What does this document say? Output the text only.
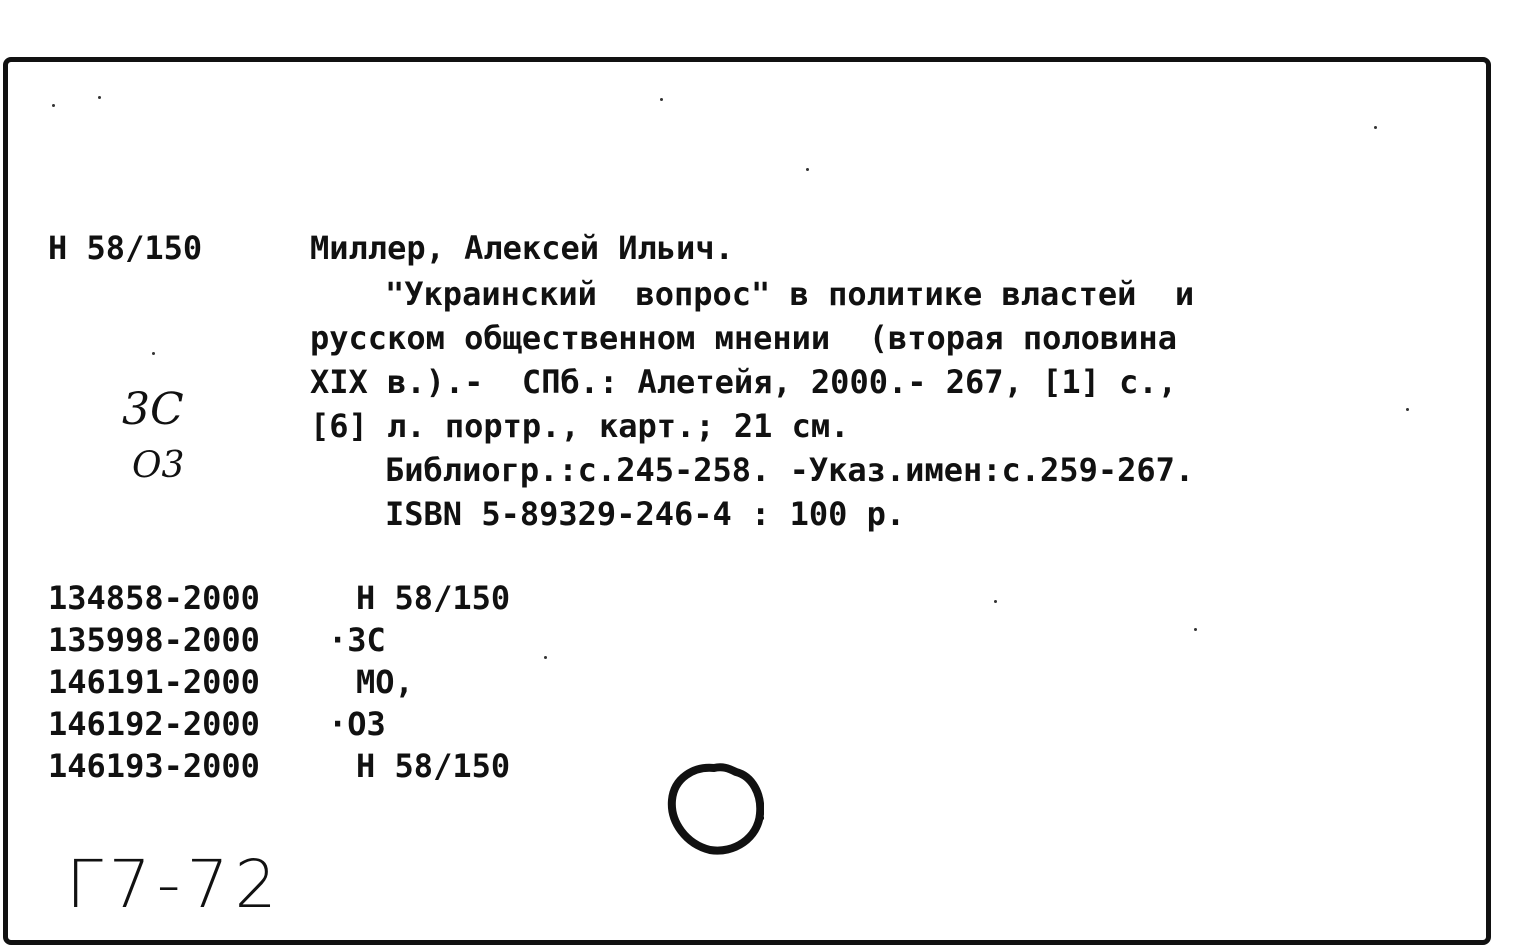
Н 58/150	Миллер, Алексей Ильич.
"Украинский  вопрос" в политике властей  и
русском общественном мнении  (вторая половина
XIX в.).-  СПб.: Алетейя, 2000.- 267, [1] с.,
[6] л. портр., карт.; 21 см.
Библиогр.:с.245-258. -Указ.имен:с.259-267.
ISBN 5-89329-246-4 : 100 р.
3С
О3
134858-2000	Н 58/150
135998-2000 ·3С
146191-2000	МО,
146192-2000 ·О3
146193-2000	Н 58/150
Г7-72
